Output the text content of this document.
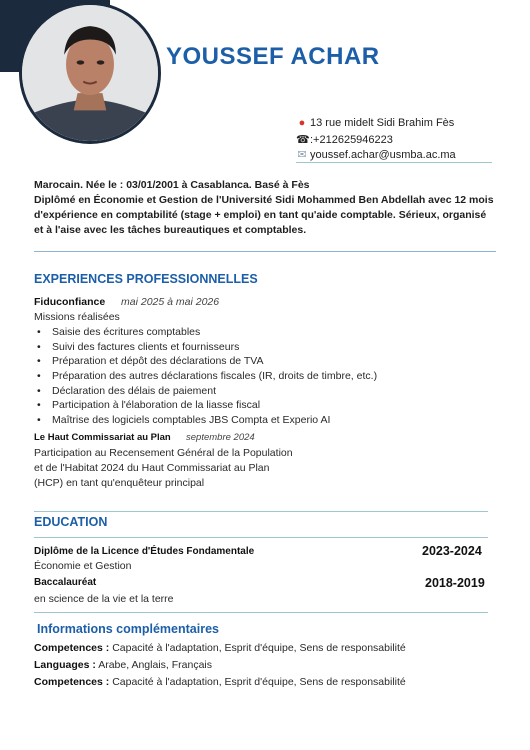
YOUSSEF ACHAR
● 13 rue midelt Sidi Brahim Fès
☎ :+212625946223
✉ youssef.achar@usmba.ac.ma
Marocain. Née le : 03/01/2001 à Casablanca. Basé à Fès
Diplômé en Économie et Gestion de l'Université Sidi Mohammed Ben Abdellah avec 12 mois d'expérience en comptabilité (stage + emploi) en tant qu'aide comptable. Sérieux, organisé et à l'aise avec les tâches bureautiques et comptables.
EXPERIENCES PROFESSIONNELLES
Fiduconfiance mai 2025 à mai 2026
Missions réalisées
• Saisie des écritures comptables
• Suivi des factures clients et fournisseurs
• Préparation et dépôt des déclarations de TVA
• Préparation des autres déclarations fiscales (IR, droits de timbre, etc.)
• Déclaration des délais de paiement
• Participation à l'élaboration de la liasse fiscal
• Maîtrise des logiciels comptables JBS Compta et Experio AI
Le Haut Commissariat au Plan septembre 2024
Participation au Recensement Général de la Population
et de l'Habitat 2024 du Haut Commissariat au Plan
(HCP) en tant qu'enquêteur principal
EDUCATION
Diplôme de la Licence d'Études Fondamentale	2023-2024
Économie et Gestion
Baccalauréat	2018-2019
en science de la vie et la terre
Informations complémentaires
Competences : Capacité à l'adaptation, Esprit d'équipe, Sens de responsabilité
Languages : Arabe, Anglais, Français
Competences : Capacité à l'adaptation, Esprit d'équipe, Sens de responsabilité
